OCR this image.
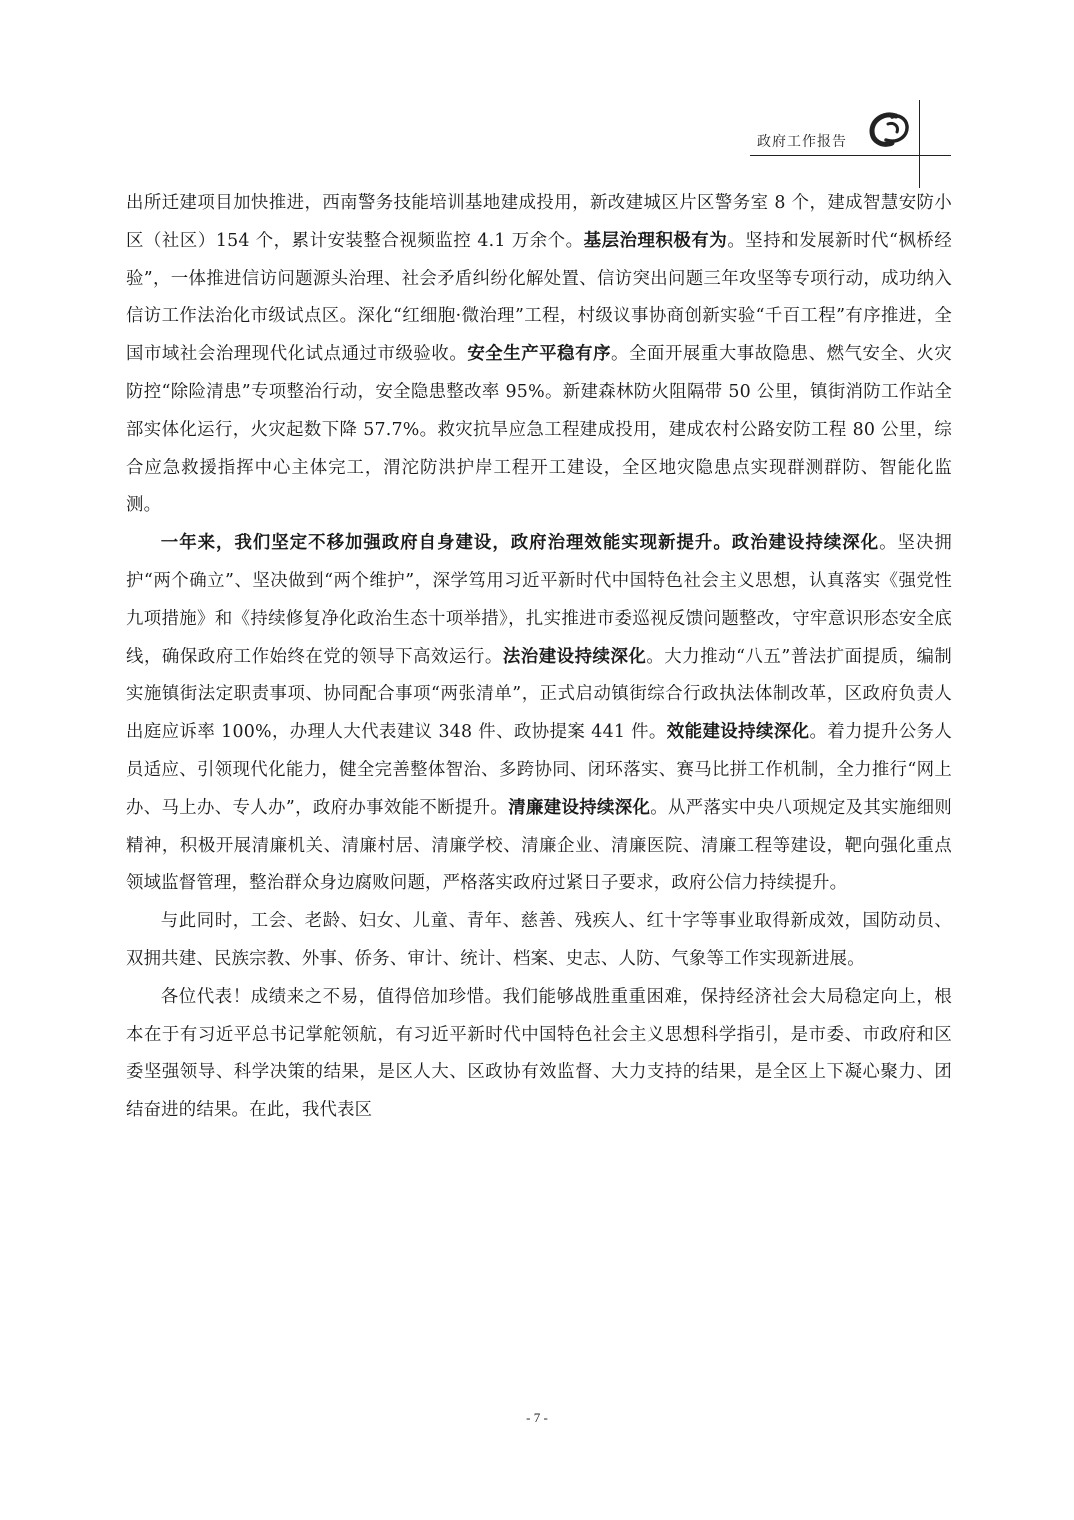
政府工作报告

出所迁建项目加快推进，西南警务技能培训基地建成投用，新改建城区片区警务室 8 个，建成智慧安防小区（社区）154 个，累计安装整合视频监控 4.1 万余个。基层治理积极有为。坚持和发展新时代“枫桥经验”，一体推进信访问题源头治理、社会矛盾纠纷化解处置、信访突出问题三年攻坚等专项行动，成功纳入信访工作法治化市级试点区。深化“红细胞·微治理”工程，村级议事协商创新实验“千百工程”有序推进，全国市域社会治理现代化试点通过市级验收。安全生产平稳有序。全面开展重大事故隐患、燃气安全、火灾防控“除险清患”专项整治行动，安全隐患整改率 95%。新建森林防火阻隔带 50 公里，镇街消防工作站全部实体化运行，火灾起数下降 57.7%。救灾抗旱应急工程建成投用，建成农村公路安防工程 80 公里，综合应急救援指挥中心主体完工，渭沱防洪护岸工程开工建设，全区地灾隐患点实现群测群防、智能化监测。

一年来，我们坚定不移加强政府自身建设，政府治理效能实现新提升。政治建设持续深化。坚决拥护“两个确立”、坚决做到“两个维护”，深学笃用习近平新时代中国特色社会主义思想，认真落实《强党性九项措施》和《持续修复净化政治生态十项举措》，扎实推进市委巡视反馈问题整改，守牢意识形态安全底线，确保政府工作始终在党的领导下高效运行。法治建设持续深化。大力推动“八五”普法扩面提质，编制实施镇街法定职责事项、协同配合事项“两张清单”，正式启动镇街综合行政执法体制改革，区政府负责人出庭应诉率 100%，办理人大代表建议 348 件、政协提案 441 件。效能建设持续深化。着力提升公务人员适应、引领现代化能力，健全完善整体智治、多跨协同、闭环落实、赛马比拼工作机制，全力推行“网上办、马上办、专人办”，政府办事效能不断提升。清廉建设持续深化。从严落实中央八项规定及其实施细则精神，积极开展清廉机关、清廉村居、清廉学校、清廉企业、清廉医院、清廉工程等建设，靶向强化重点领域监督管理，整治群众身边腐败问题，严格落实政府过紧日子要求，政府公信力持续提升。

与此同时，工会、老龄、妇女、儿童、青年、慈善、残疾人、红十字等事业取得新成效，国防动员、双拥共建、民族宗教、外事、侨务、审计、统计、档案、史志、人防、气象等工作实现新进展。

各位代表！成绩来之不易，值得倍加珍惜。我们能够战胜重重困难，保持经济社会大局稳定向上，根本在于有习近平总书记掌舵领航，有习近平新时代中国特色社会主义思想科学指引，是市委、市政府和区委坚强领导、科学决策的结果，是区人大、区政协有效监督、大力支持的结果，是全区上下凝心聚力、团结奋进的结果。在此，我代表区

- 7 -
